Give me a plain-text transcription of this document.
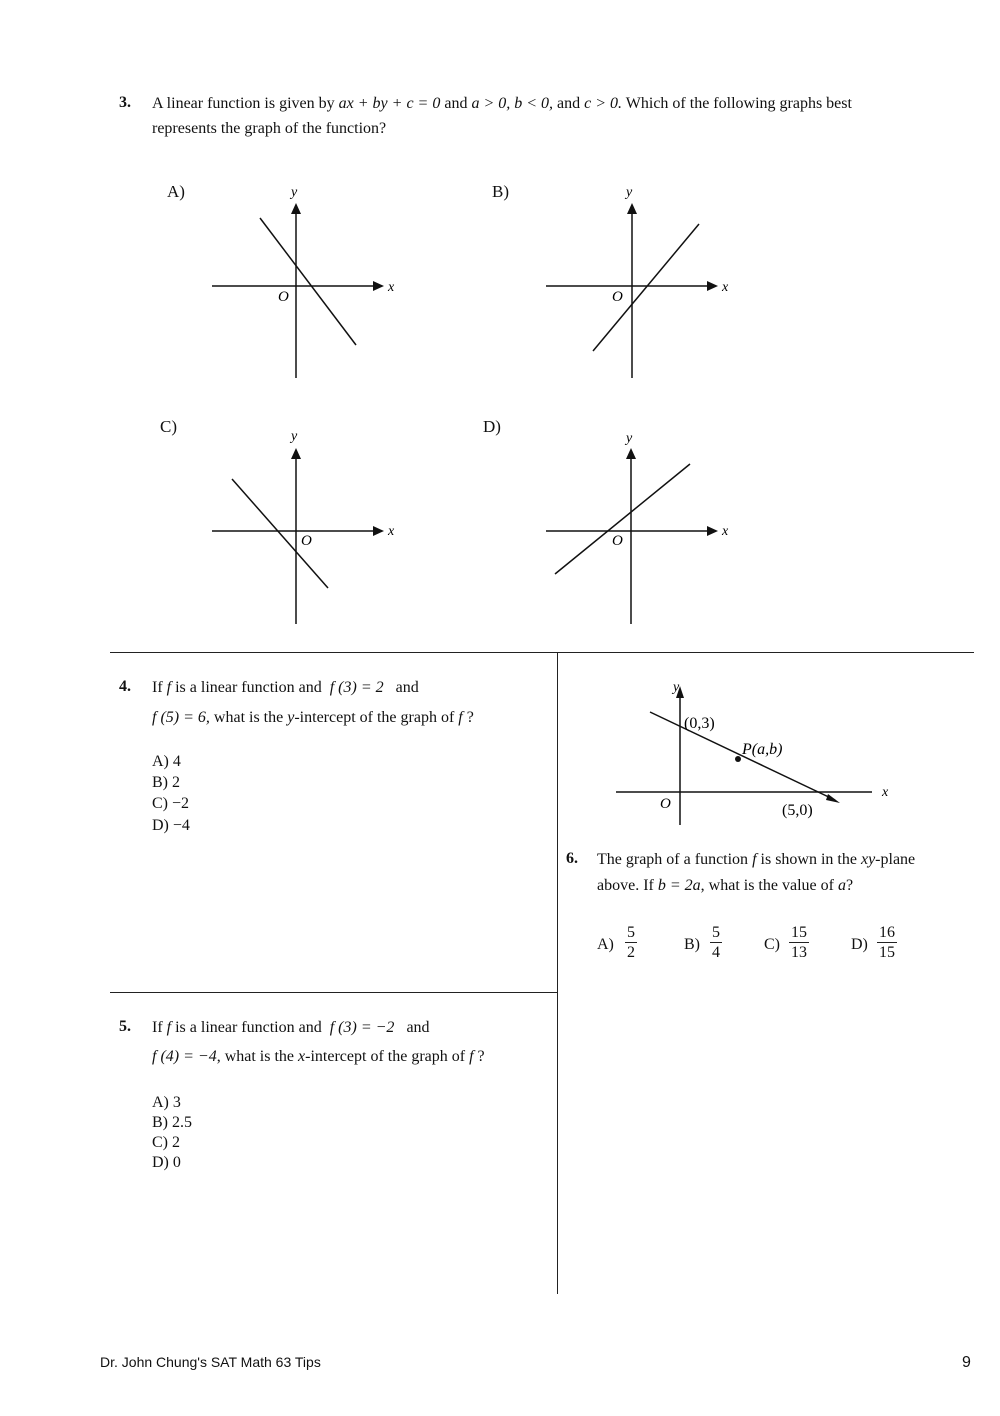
3. A linear function is given by ax + by + c = 0 and a > 0, b < 0, and c > 0. Which of the following graphs best
represents the graph of the function?
A)	B)
C)	D)
x
y
O
x
y
O
x
y
O
x
y
O
4. If f is a linear function and f (3) = 2 and
f (5) = 6, what is the y-intercept of the graph of f ?
A) 4
B) 2
C) −2
D) −4
x
y
O
(0,3)
P(a,b)
(5,0)
6. The graph of a function f is shown in the xy-plane
above. If b = 2a, what is the value of a?
$A) \frac{5}{2}$	$B) \frac{5}{4}$	$C) \frac{15}{13}$	$D) \frac{16}{15}$
5. If f is a linear function and f (3) = −2 and
f (4) = −4, what is the x-intercept of the graph of f ?
A) 3
B) 2.5
C) 2
D) 0
Dr. John Chung's SAT Math 63 Tips	9
